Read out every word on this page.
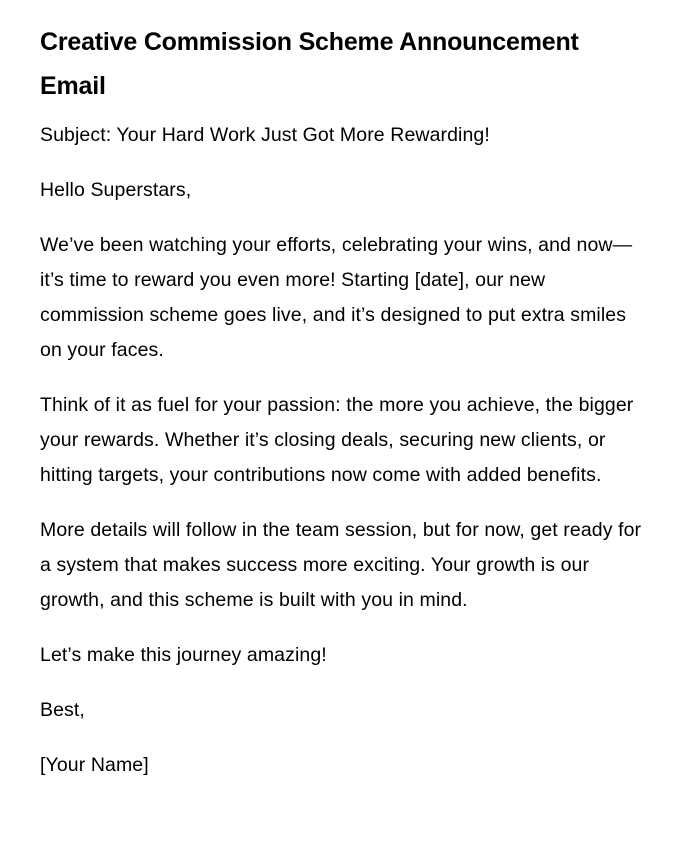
Creative Commission Scheme Announcement Email

Subject: Your Hard Work Just Got More Rewarding!

Hello Superstars,

We’ve been watching your efforts, celebrating your wins, and now—it’s time to reward you even more! Starting [date], our new commission scheme goes live, and it’s designed to put extra smiles on your faces.

Think of it as fuel for your passion: the more you achieve, the bigger your rewards. Whether it’s closing deals, securing new clients, or hitting targets, your contributions now come with added benefits.

More details will follow in the team session, but for now, get ready for a system that makes success more exciting. Your growth is our growth, and this scheme is built with you in mind.

Let’s make this journey amazing!

Best,

[Your Name]
